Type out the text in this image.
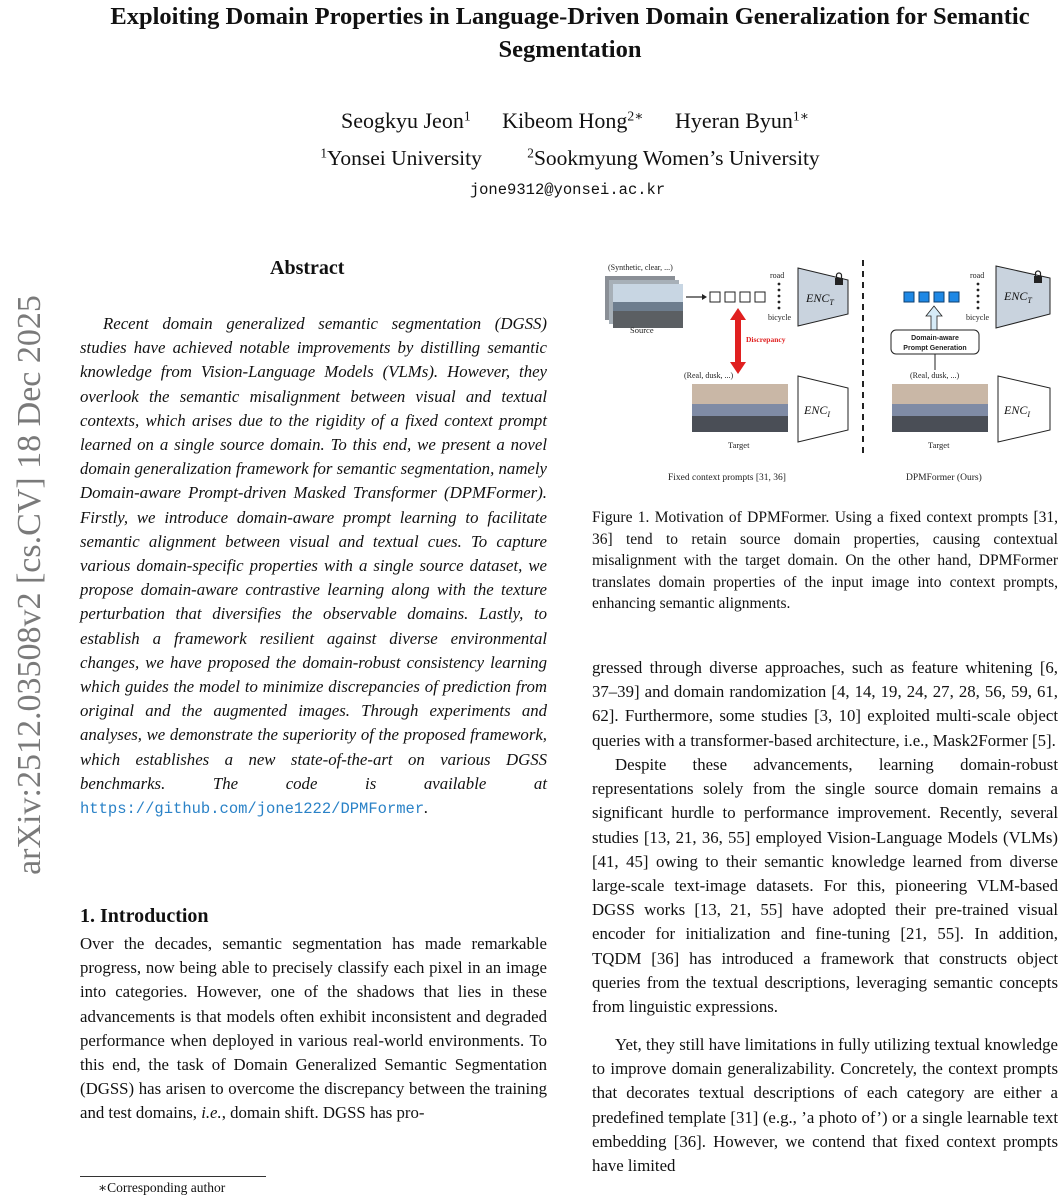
arXiv:2512.03508v2 [cs.CV] 18 Dec 2025
Exploiting Domain Properties in Language-Driven Domain Generalization for Semantic Segmentation
Seogkyu Jeon$^1$ Kibeom Hong$^{2∗}$ Hyeran Byun$^{1∗}$
$^1$Yonsei University	$^2$Sookmyung Women’s University
jone9312@yonsei.ac.kr
Abstract
Recent domain generalized semantic segmentation (DGSS) studies have achieved notable improvements by distilling semantic knowledge from Vision-Language Models (VLMs). However, they overlook the semantic misalignment between visual and textual contexts, which arises due to the rigidity of a fixed context prompt learned on a single source domain. To this end, we present a novel domain generalization framework for semantic segmentation, namely Domain-aware Prompt-driven Masked Transformer (DPMFormer). Firstly, we introduce domain-aware prompt learning to facilitate semantic alignment between visual and textual cues. To capture various domain-specific properties with a single source dataset, we propose domain-aware contrastive learning along with the texture perturbation that diversifies the observable domains. Lastly, to establish a framework resilient against diverse environmental changes, we have proposed the domain-robust consistency learning which guides the model to minimize discrepancies of prediction from original and the augmented images. Through experiments and analyses, we demonstrate the superiority of the proposed framework, which establishes a new state-of-the-art on various DGSS benchmarks. The code is available at https://github.com/jone1222/DPMFormer.
1. Introduction
Over the decades, semantic segmentation has made remarkable progress, now being able to precisely classify each pixel in an image into categories. However, one of the shadows that lies in these advancements is that models often exhibit inconsistent and degraded performance when deployed in various real-world environments. To this end, the task of Domain Generalized Semantic Segmentation (DGSS) has arisen to overcome the discrepancy between the training and test domains, i.e., domain shift. DGSS has pro-
∗Corresponding author
(Synthetic, clear, ...)
Source
road
bicycle
$ENC_T$
Discrepancy
(Real, dusk, ...)
Target
$ENC_I$
road
bicycle
$ENC_T$
Domain-aware
Prompt Generation
(Real, dusk, ...)
Target
$ENC_I$
Fixed context prompts [31, 36]	DPMFormer (Ours)
Figure 1. Motivation of DPMFormer. Using a fixed context prompts [31, 36] tend to retain source domain properties, causing contextual misalignment with the target domain. On the other hand, DPMFormer translates domain properties of the input image into context prompts, enhancing semantic alignments.
gressed through diverse approaches, such as feature whitening [6, 37–39] and domain randomization [4, 14, 19, 24, 27, 28, 56, 59, 61, 62]. Furthermore, some studies [3, 10] exploited multi-scale object queries with a transformer-based architecture, i.e., Mask2Former [5].
Despite these advancements, learning domain-robust representations solely from the single source domain remains a significant hurdle to performance improvement. Recently, several studies [13, 21, 36, 55] employed Vision-Language Models (VLMs) [41, 45] owing to their semantic knowledge learned from diverse large-scale text-image datasets. For this, pioneering VLM-based DGSS works [13, 21, 55] have adopted their pre-trained visual encoder for initialization and fine-tuning [21, 55]. In addition, TQDM [36] has introduced a framework that constructs object queries from the textual descriptions, leveraging semantic concepts from linguistic expressions.
Yet, they still have limitations in fully utilizing textual knowledge to improve domain generalizability. Concretely, the context prompts that decorates textual descriptions of each category are either a predefined template [31] (e.g., ’a photo of’) or a single learnable text embedding [36]. However, we contend that fixed context prompts have limited
